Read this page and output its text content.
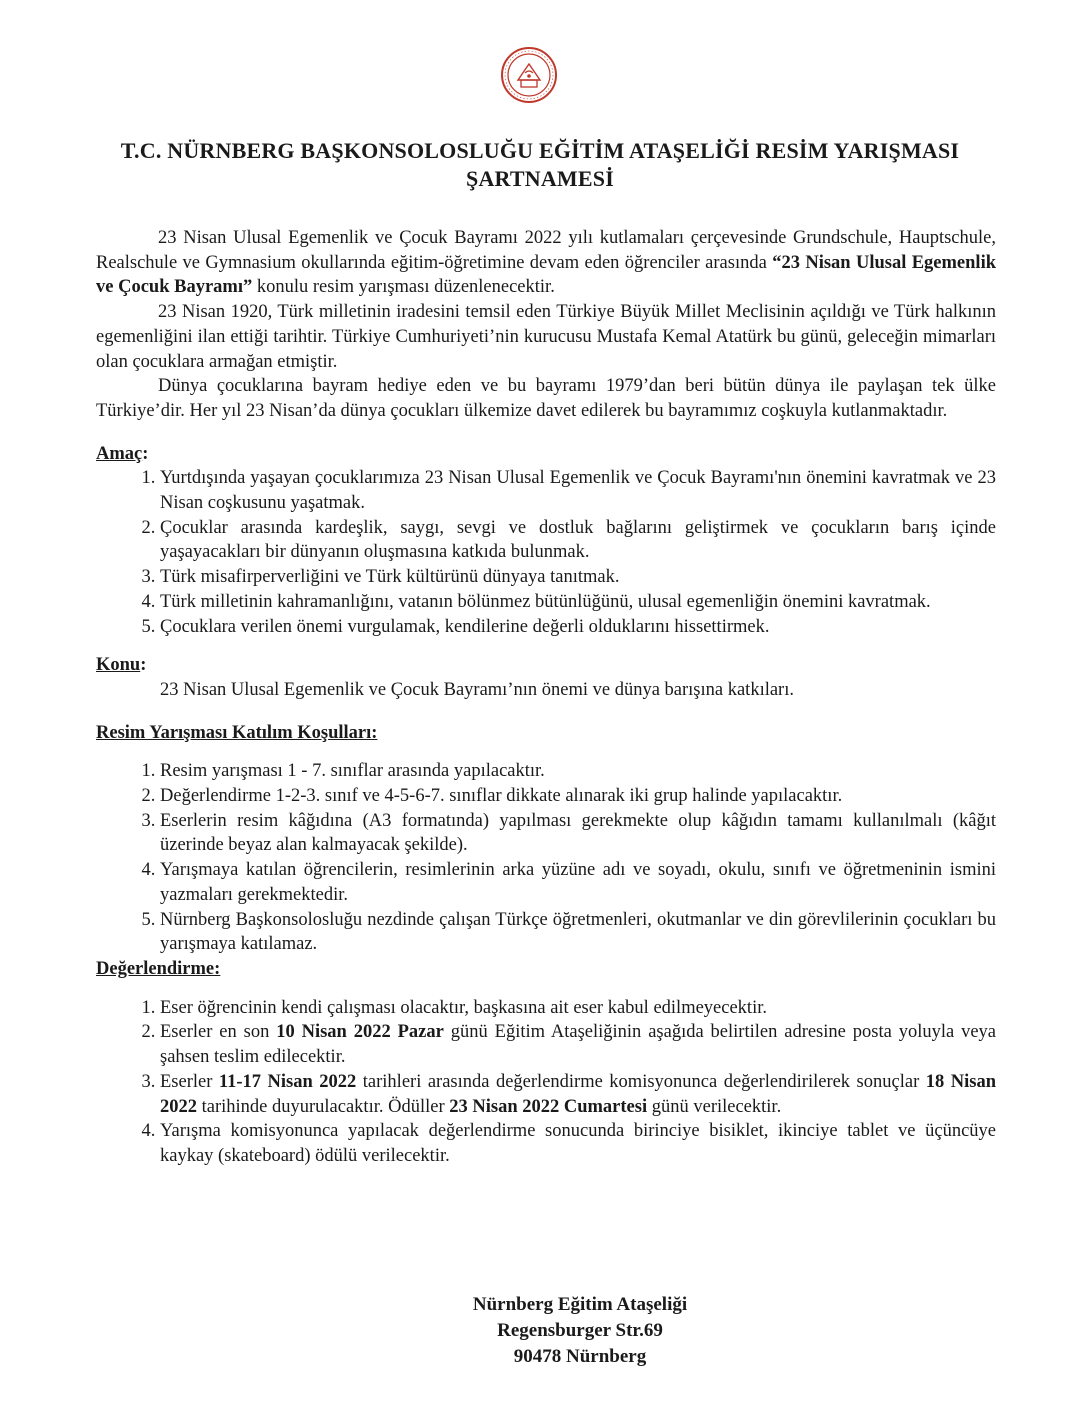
T.C. NÜRNBERG BAŞKONSOLOSLUĞU EĞİTİM ATAŞELİĞİ RESİM YARIŞMASI
ŞARTNAMESİ

23 Nisan Ulusal Egemenlik ve Çocuk Bayramı 2022 yılı kutlamaları çerçevesinde Grundschule, Hauptschule, Realschule ve Gymnasium okullarında eğitim-öğretimine devam eden öğrenciler arasında “23 Nisan Ulusal Egemenlik ve Çocuk Bayramı” konulu resim yarışması düzenlenecektir.

23 Nisan 1920, Türk milletinin iradesini temsil eden Türkiye Büyük Millet Meclisinin açıldığı ve Türk halkının egemenliğini ilan ettiği tarihtir. Türkiye Cumhuriyeti’nin kurucusu Mustafa Kemal Atatürk bu günü, geleceğin mimarları olan çocuklara armağan etmiştir.

Dünya çocuklarına bayram hediye eden ve bu bayramı 1979’dan beri bütün dünya ile paylaşan tek ülke Türkiye’dir. Her yıl 23 Nisan’da dünya çocukları ülkemize davet edilerek bu bayramımız coşkuyla kutlanmaktadır.

Amaç:

1. Yurtdışında yaşayan çocuklarımıza 23 Nisan Ulusal Egemenlik ve Çocuk Bayramı'nın önemini kavratmak ve 23 Nisan coşkusunu yaşatmak.
2. Çocuklar arasında kardeşlik, saygı, sevgi ve dostluk bağlarını geliştirmek ve çocukların barış içinde yaşayacakları bir dünyanın oluşmasına katkıda bulunmak.
3. Türk misafirperverliğini ve Türk kültürünü dünyaya tanıtmak.
4. Türk milletinin kahramanlığını, vatanın bölünmez bütünlüğünü, ulusal egemenliğin önemini kavratmak.
5. Çocuklara verilen önemi vurgulamak, kendilerine değerli olduklarını hissettirmek.

Konu:

23 Nisan Ulusal Egemenlik ve Çocuk Bayramı’nın önemi ve dünya barışına katkıları.

Resim Yarışması Katılım Koşulları:

1. Resim yarışması 1 - 7. sınıflar arasında yapılacaktır.
2. Değerlendirme 1-2-3. sınıf ve 4-5-6-7. sınıflar dikkate alınarak iki grup halinde yapılacaktır.
3. Eserlerin resim kâğıdına (A3 formatında) yapılması gerekmekte olup kâğıdın tamamı kullanılmalı (kâğıt üzerinde beyaz alan kalmayacak şekilde).
4. Yarışmaya katılan öğrencilerin, resimlerinin arka yüzüne adı ve soyadı, okulu, sınıfı ve öğretmeninin ismini yazmaları gerekmektedir.
5. Nürnberg Başkonsolosluğu nezdinde çalışan Türkçe öğretmenleri, okutmanlar ve din görevlilerinin çocukları bu yarışmaya katılamaz.

Değerlendirme:

1. Eser öğrencinin kendi çalışması olacaktır, başkasına ait eser kabul edilmeyecektir.
2. Eserler en son 10 Nisan 2022 Pazar günü Eğitim Ataşeliğinin aşağıda belirtilen adresine posta yoluyla veya şahsen teslim edilecektir.
3. Eserler 11-17 Nisan 2022 tarihleri arasında değerlendirme komisyonunca değerlendirilerek sonuçlar 18 Nisan 2022 tarihinde duyurulacaktır. Ödüller 23 Nisan 2022 Cumartesi günü verilecektir.
4. Yarışma komisyonunca yapılacak değerlendirme sonucunda birinciye bisiklet, ikinciye tablet ve üçüncüye kaykay (skateboard) ödülü verilecektir.
Nürnberg Eğitim Ataşeliği
Regensburger Str.69
90478 Nürnberg
